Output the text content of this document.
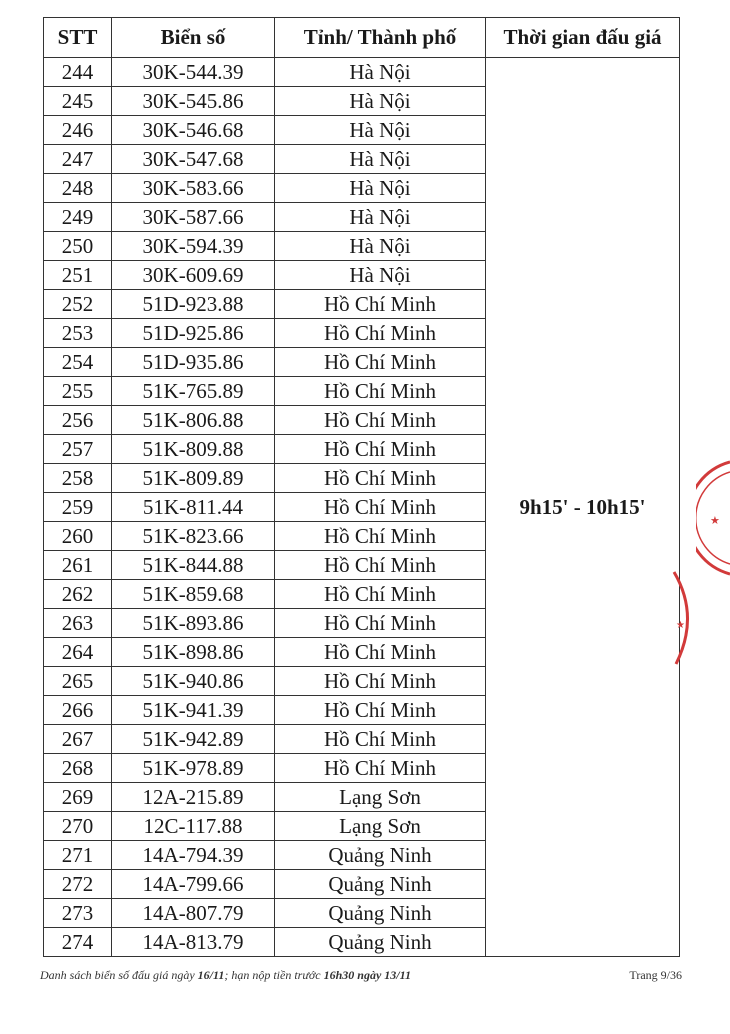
STT	Biển số	Tỉnh/ Thành phố	Thời gian đấu giá
244	30K-544.39	Hà Nội	9h15' - 10h15'
245	30K-545.86	Hà Nội	
246	30K-546.68	Hà Nội	
247	30K-547.68	Hà Nội	
248	30K-583.66	Hà Nội	
249	30K-587.66	Hà Nội	
250	30K-594.39	Hà Nội	
251	30K-609.69	Hà Nội	
252	51D-923.88	Hồ Chí Minh	
253	51D-925.86	Hồ Chí Minh	
254	51D-935.86	Hồ Chí Minh	
255	51K-765.89	Hồ Chí Minh	
256	51K-806.88	Hồ Chí Minh	
257	51K-809.88	Hồ Chí Minh	
258	51K-809.89	Hồ Chí Minh	
259	51K-811.44	Hồ Chí Minh	
260	51K-823.66	Hồ Chí Minh	
261	51K-844.88	Hồ Chí Minh	
262	51K-859.68	Hồ Chí Minh	
263	51K-893.86	Hồ Chí Minh	
264	51K-898.86	Hồ Chí Minh	
265	51K-940.86	Hồ Chí Minh	
266	51K-941.39	Hồ Chí Minh	
267	51K-942.89	Hồ Chí Minh	
268	51K-978.89	Hồ Chí Minh	
269	12A-215.89	Lạng Sơn	
270	12C-117.88	Lạng Sơn	
271	14A-794.39	Quảng Ninh	
272	14A-799.66	Quảng Ninh	
273	14A-807.79	Quảng Ninh	
274	14A-813.79	Quảng Ninh	
Danh sách biển số đấu giá ngày 16/11; hạn nộp tiền trước 16h30 ngày 13/11	Trang 9/36
★
★
